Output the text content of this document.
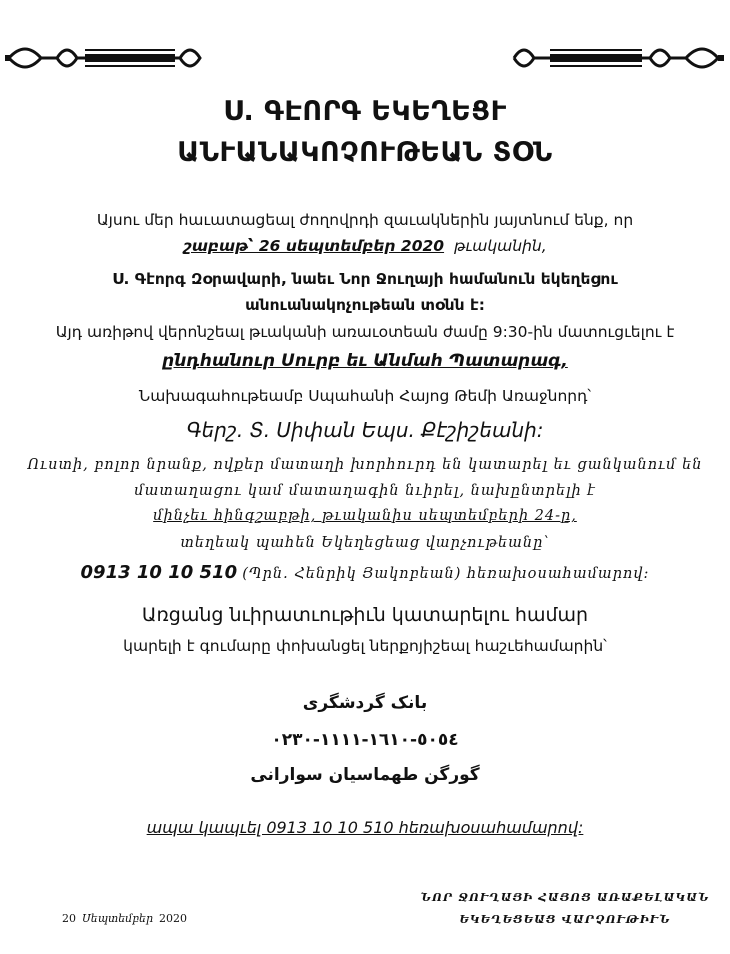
Ս. ԳԷՈՐԳ ԵԿԵՂԵՑՒ
ԱՆՒԱՆԱԿՈՉՈՒԹԵԱՆ ՏՕՆ
Այսու մեր հաւատացեալ ժողովրդի զաւակներին յայտնում ենք, որ
շաբաթ՝ 26 սեպտեմբեր 2020 թւականին,
Ս. Գէորգ Զօրավարի, նաեւ Նոր Ջուղայի համանուն եկեղեցու
անուանակոչութեան տօնն է:
Այդ առիթով վերոնշեալ թւականի առաւօտեան ժամը 9:30-ին մատուցւելու է
ընդհանուր Սուրբ եւ Անմահ Պատարագ,
Նախագահութեամբ Սպահանի Հայոց Թեմի Առաջնորդ՝
Գերշ. Տ. Սիփան Եպս. Քէշիշեանի:
Ուստի, բոլոր նրանք, ովքեր մատաղի խորհուրդ են կատարել եւ ցանկանում են
մատաղացու կամ մատաղագին նւիրել, նախընտրելի է
մինչեւ հինգշաբթի, թւականիս սեպտեմբերի 24-ը,
տեղեակ պահեն Եկեղեցեաց վարչութեանը՝
0913 10 10 510 (Պրն. Հենրիկ Յակոբեան) հեռախօսահամարով:
Առցանց նւիրատւութիւն կատարելու համար
կարելի է գումարը փոխանցել ներքոյիշեալ հաշւեհամարին՝
بانک گردشگری
٥٠٥٤-١٦١٠-١١١١-٠٢٣٠
گورگن طهماسیان سوارانی
ապա կապւել 0913 10 10 510 հեռախօսահամարով:
20 Սեպտեմբեր 2020
ՆՈՐ ՋՈՒՂԱՅԻ ՀԱՅՈՑ ԱՌԱՔԵԼԱԿԱՆ
ԵԿԵՂԵՑԵԱՑ ՎԱՐՉՈՒԹԻՒՆ
